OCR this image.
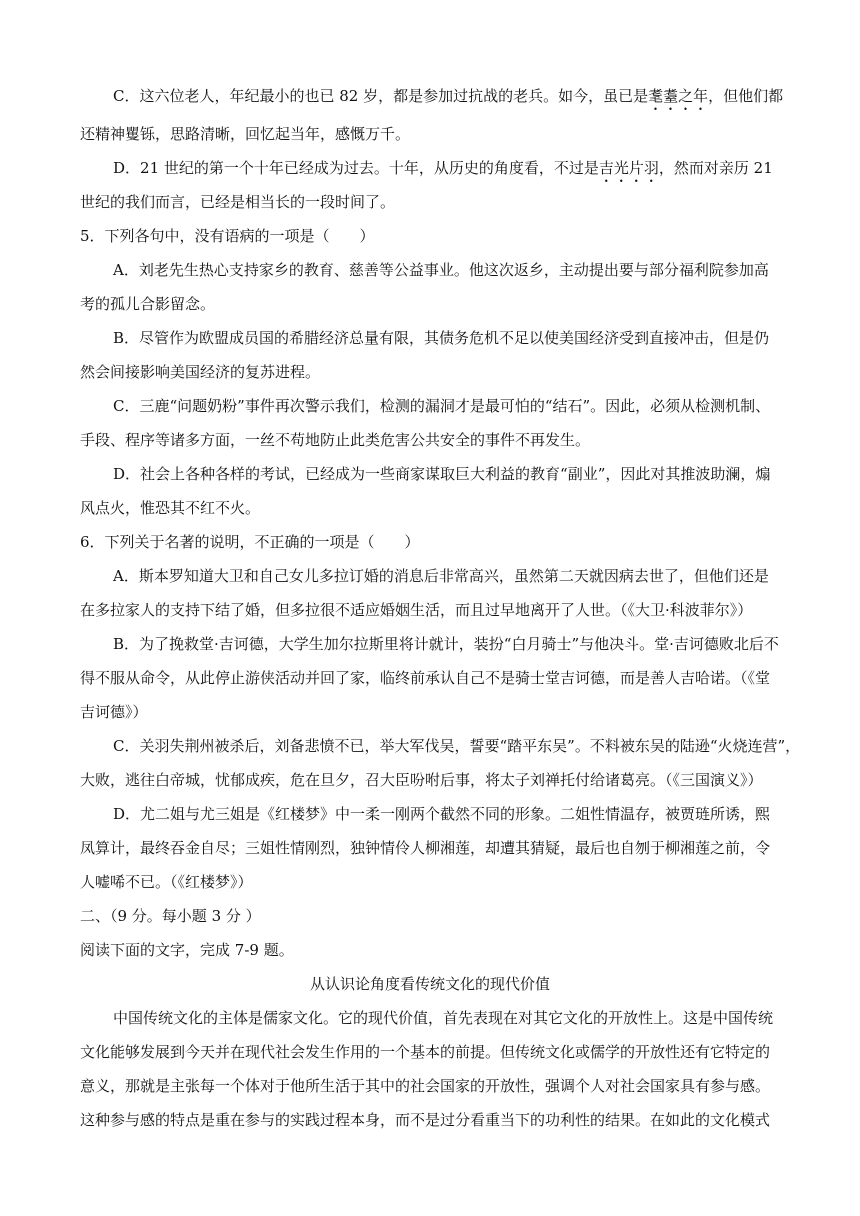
C．这六位老人，年纪最小的也已 82 岁，都是参加过抗战的老兵。如今，虽已是耄耋之年，但他们都
还精神矍铄，思路清晰，回忆起当年，感慨万千。
D．21 世纪的第一个十年已经成为过去。十年，从历史的角度看，不过是吉光片羽，然而对亲历 21
世纪的我们而言，已经是相当长的一段时间了。
5．下列各句中，没有语病的一项是（　　）
A．刘老先生热心支持家乡的教育、慈善等公益事业。他这次返乡，主动提出要与部分福利院参加高
考的孤儿合影留念。
B．尽管作为欧盟成员国的希腊经济总量有限，其债务危机不足以使美国经济受到直接冲击，但是仍
然会间接影响美国经济的复苏进程。
C．三鹿“问题奶粉”事件再次警示我们，检测的漏洞才是最可怕的“结石”。因此，必须从检测机制、
手段、程序等诸多方面，一丝不苟地防止此类危害公共安全的事件不再发生。
D．社会上各种各样的考试，已经成为一些商家谋取巨大利益的教育“副业”，因此对其推波助澜，煽
风点火，惟恐其不红不火。
6．下列关于名著的说明，不正确的一项是（　　）
A．斯本罗知道大卫和自己女儿多拉订婚的消息后非常高兴，虽然第二天就因病去世了，但他们还是
在多拉家人的支持下结了婚，但多拉很不适应婚姻生活，而且过早地离开了人世。（《大卫·科波菲尔》）
B．为了挽救堂·吉诃德，大学生加尔拉斯里将计就计，装扮“白月骑士”与他决斗。堂·吉诃德败北后不
得不服从命令，从此停止游侠活动并回了家，临终前承认自己不是骑士堂吉诃德，而是善人吉哈诺。（《堂
吉诃德》）
C．关羽失荆州被杀后，刘备悲愤不已，举大军伐吴，誓要“踏平东吴”。不料被东吴的陆逊“火烧连营”，
大败，逃往白帝城，忧郁成疾，危在旦夕，召大臣吩咐后事，将太子刘禅托付给诸葛亮。（《三国演义》）
D．尤二姐与尤三姐是《红楼梦》中一柔一刚两个截然不同的形象。二姐性情温存，被贾琏所诱，熙
凤算计，最终吞金自尽；三姐性情刚烈，独钟情伶人柳湘莲，却遭其猜疑，最后也自刎于柳湘莲之前，令
人嘘唏不已。（《红楼梦》）
二、（9 分。每小题 3 分 ）
阅读下面的文字，完成 7-9 题。
从认识论角度看传统文化的现代价值
中国传统文化的主体是儒家文化。它的现代价值，首先表现在对其它文化的开放性上。这是中国传统
文化能够发展到今天并在现代社会发生作用的一个基本的前提。但传统文化或儒学的开放性还有它特定的
意义，那就是主张每一个体对于他所生活于其中的社会国家的开放性，强调个人对社会国家具有参与感。
这种参与感的特点是重在参与的实践过程本身，而不是过分看重当下的功利性的结果。在如此的文化模式
